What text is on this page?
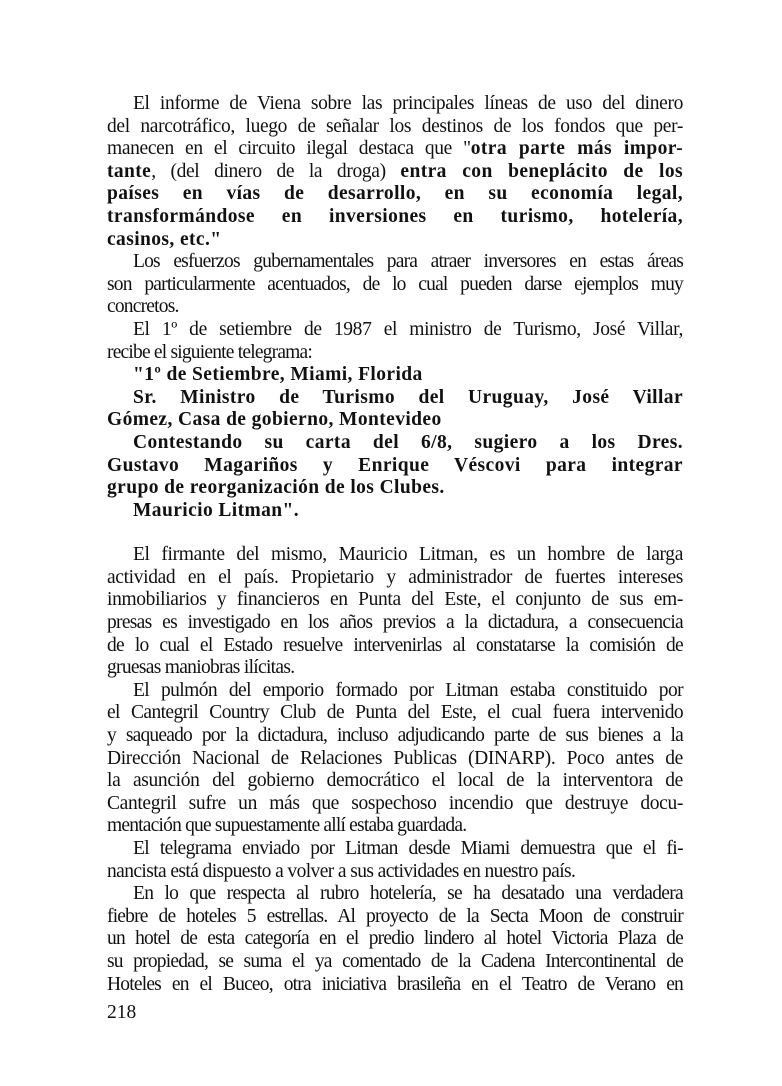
El informe de Viena sobre las principales líneas de uso del dinero
del narcotráfico, luego de señalar los destinos de los fondos que per-
manecen en el circuito ilegal destaca que "otra parte más impor-
tante, (del dinero de la droga) entra con beneplácito de los
países en vías de desarrollo, en su economía legal,
transformándose en inversiones en turismo, hotelería,
casinos, etc."
Los esfuerzos gubernamentales para atraer inversores en estas áreas
son particularmente acentuados, de lo cual pueden darse ejemplos muy
concretos.
El 1º de setiembre de 1987 el ministro de Turismo, José Villar,
recibe el siguiente telegrama:
"1º de Setiembre, Miami, Florida
Sr. Ministro de Turismo del Uruguay, José Villar
Gómez, Casa de gobierno, Montevideo
Contestando su carta del 6/8, sugiero a los Dres.
Gustavo Magariños y Enrique Véscovi para integrar
grupo de reorganización de los Clubes.
Mauricio Litman".
El firmante del mismo, Mauricio Litman, es un hombre de larga
actividad en el país. Propietario y administrador de fuertes intereses
inmobiliarios y financieros en Punta del Este, el conjunto de sus em-
presas es investigado en los años previos a la dictadura, a consecuencia
de lo cual el Estado resuelve intervenirlas al constatarse la comisión de
gruesas maniobras ilícitas.
El pulmón del emporio formado por Litman estaba constituido por
el Cantegril Country Club de Punta del Este, el cual fuera intervenido
y saqueado por la dictadura, incluso adjudicando parte de sus bienes a la
Dirección Nacional de Relaciones Publicas (DINARP). Poco antes de
la asunción del gobierno democrático el local de la interventora de
Cantegril sufre un más que sospechoso incendio que destruye docu-
mentación que supuestamente allí estaba guardada.
El telegrama enviado por Litman desde Miami demuestra que el fi-
nancista está dispuesto a volver a sus actividades en nuestro país.
En lo que respecta al rubro hotelería, se ha desatado una verdadera
fiebre de hoteles 5 estrellas. Al proyecto de la Secta Moon de construir
un hotel de esta categoría en el predio lindero al hotel Victoria Plaza de
su propiedad, se suma el ya comentado de la Cadena Intercontinental de
Hoteles en el Buceo, otra iniciativa brasileña en el Teatro de Verano en
218
